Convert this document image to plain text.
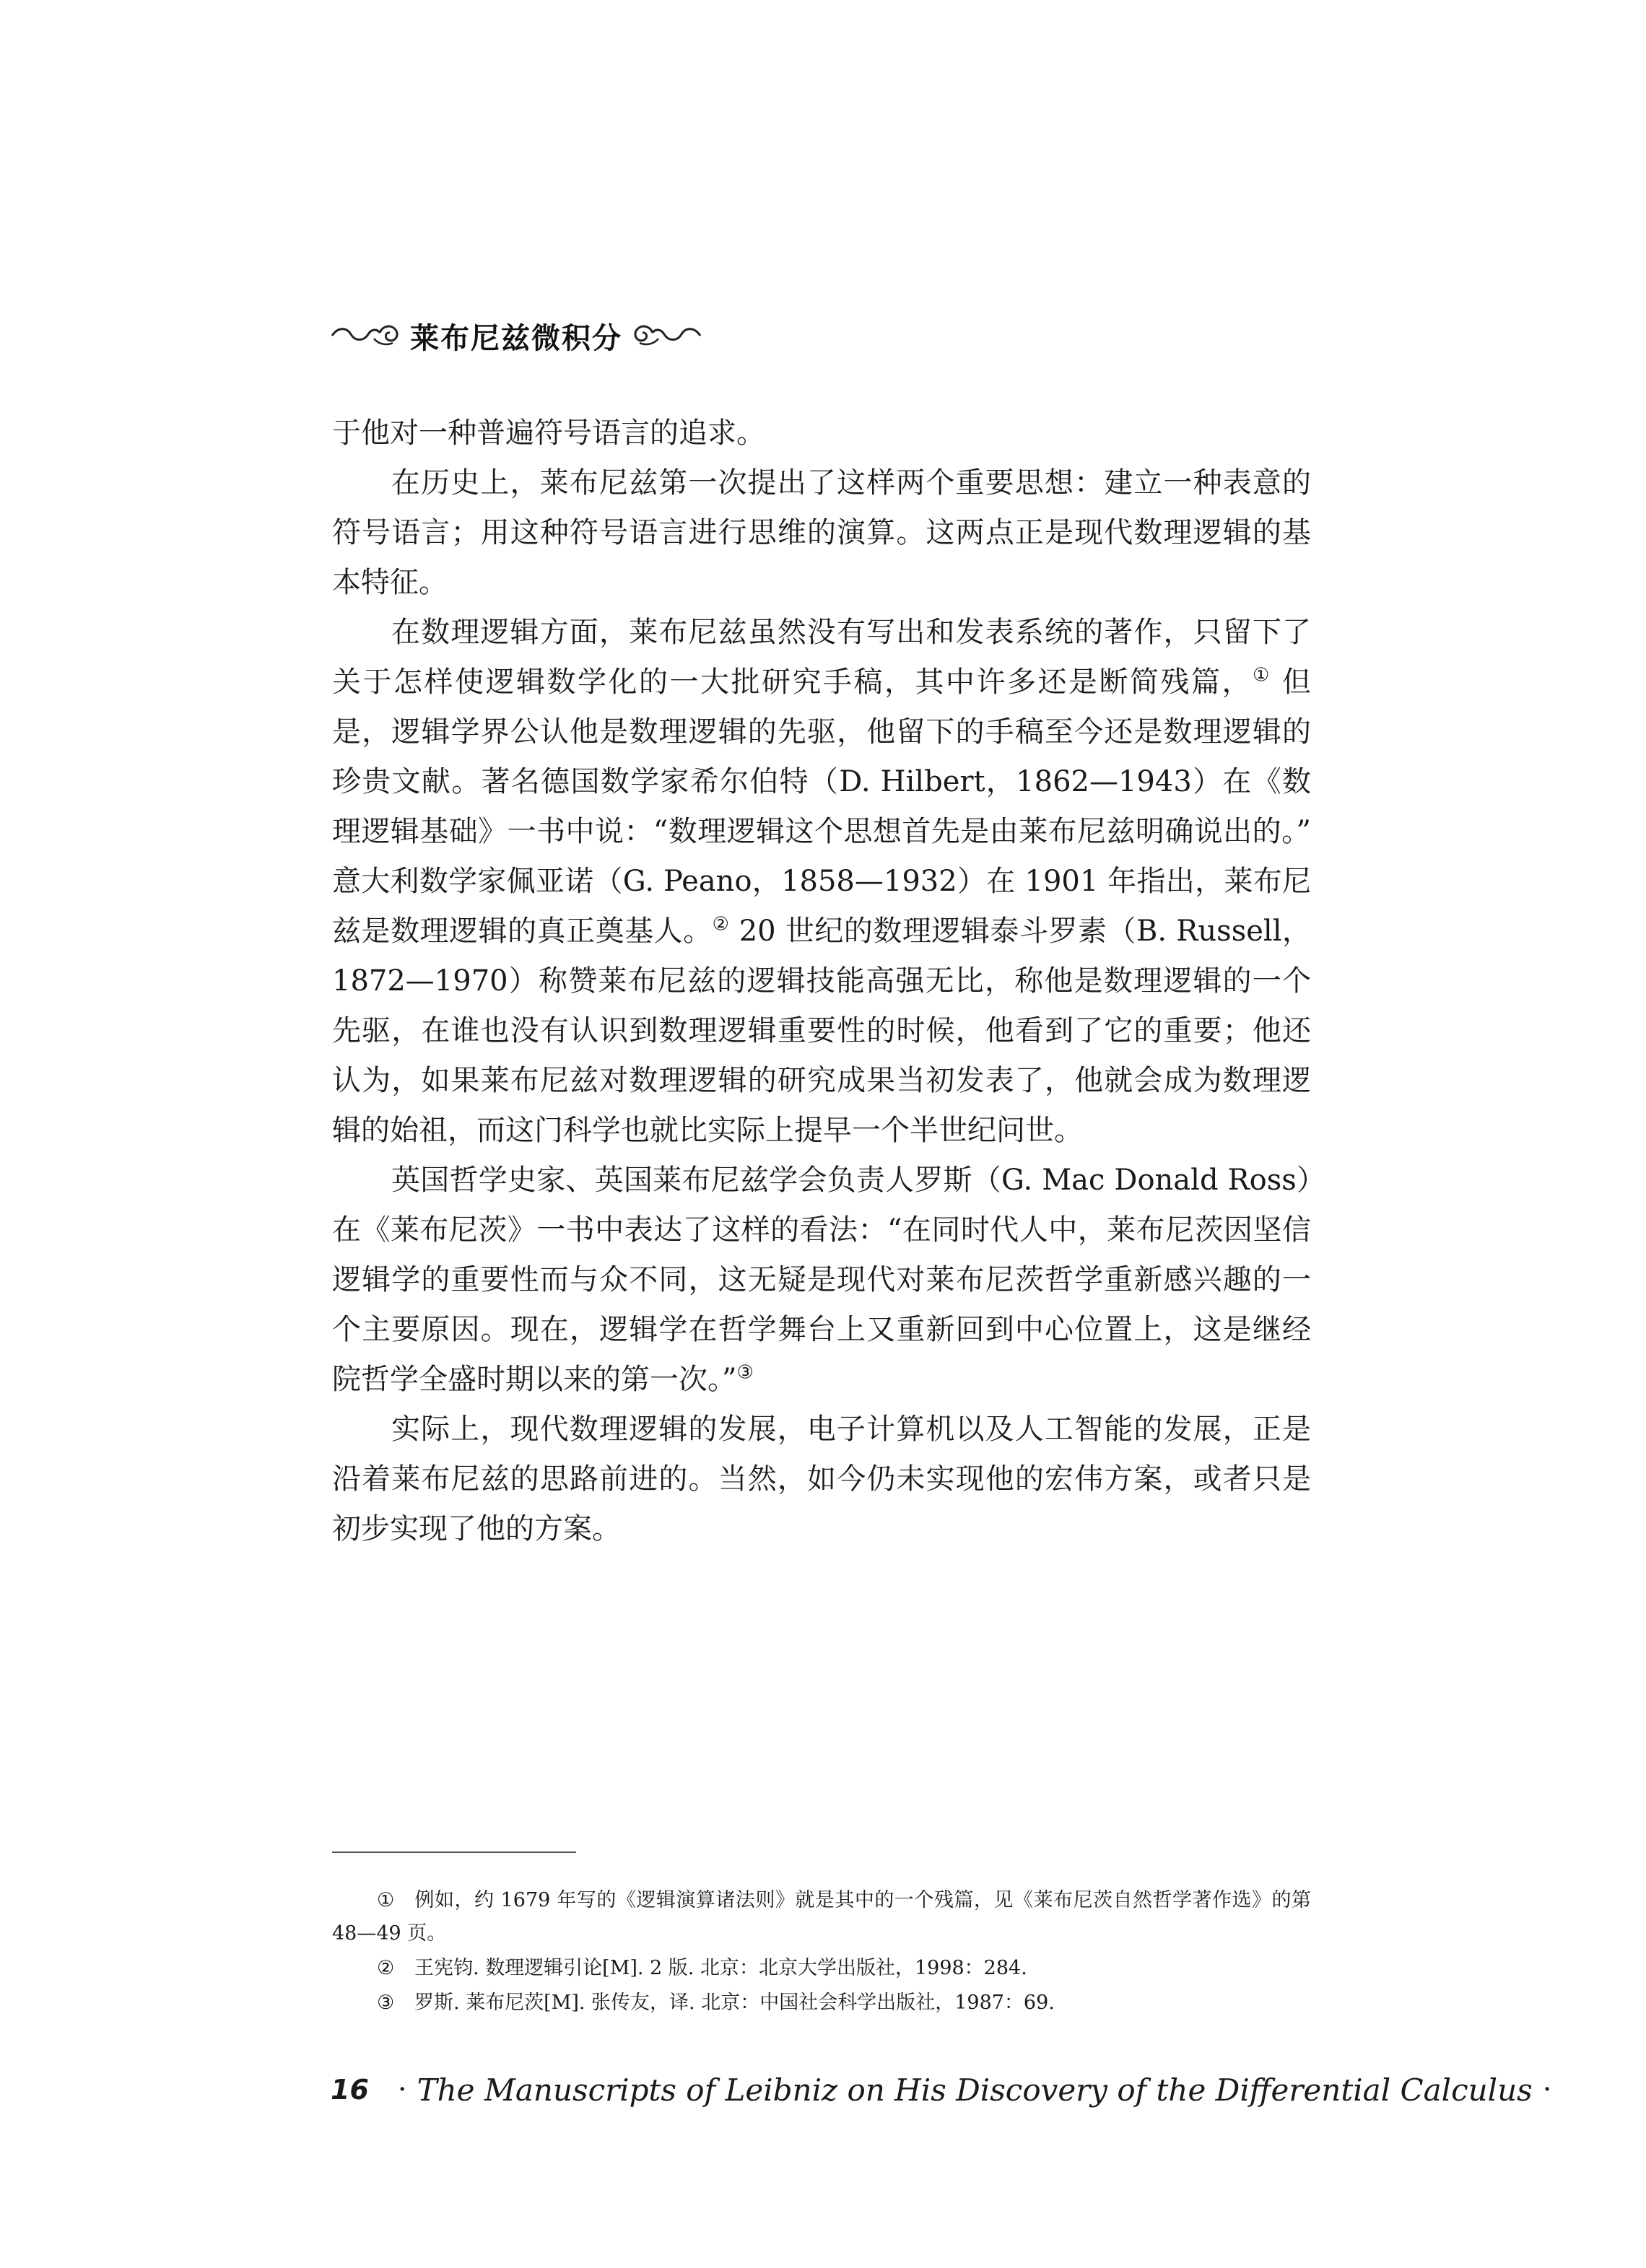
莱布尼兹微积分

于他对一种普遍符号语言的追求。

在历史上，莱布尼兹第一次提出了这样两个重要思想：建立一种表意的符号语言；用这种符号语言进行思维的演算。这两点正是现代数理逻辑的基本特征。

在数理逻辑方面，莱布尼兹虽然没有写出和发表系统的著作，只留下了关于怎样使逻辑数学化的一大批研究手稿，其中许多还是断简残篇，① 但是，逻辑学界公认他是数理逻辑的先驱，他留下的手稿至今还是数理逻辑的珍贵文献。著名德国数学家希尔伯特（D. Hilbert，1862—1943）在《数理逻辑基础》一书中说：“数理逻辑这个思想首先是由莱布尼兹明确说出的。” 意大利数学家佩亚诺（G. Peano，1858—1932）在 1901 年指出，莱布尼兹是数理逻辑的真正奠基人。② 20 世纪的数理逻辑泰斗罗素（B. Russell，1872—1970）称赞莱布尼兹的逻辑技能高强无比，称他是数理逻辑的一个先驱，在谁也没有认识到数理逻辑重要性的时候，他看到了它的重要；他还认为，如果莱布尼兹对数理逻辑的研究成果当初发表了，他就会成为数理逻辑的始祖，而这门科学也就比实际上提早一个半世纪问世。

英国哲学史家、英国莱布尼兹学会负责人罗斯（G. Mac Donald Ross）在《莱布尼茨》一书中表达了这样的看法：“在同时代人中，莱布尼茨因坚信逻辑学的重要性而与众不同，这无疑是现代对莱布尼茨哲学重新感兴趣的一个主要原因。现在，逻辑学在哲学舞台上又重新回到中心位置上，这是继经院哲学全盛时期以来的第一次。”③

实际上，现代数理逻辑的发展，电子计算机以及人工智能的发展，正是沿着莱布尼兹的思路前进的。当然，如今仍未实现他的宏伟方案，或者只是初步实现了他的方案。

① 例如，约 1679 年写的《逻辑演算诸法则》就是其中的一个残篇，见《莱布尼茨自然哲学著作选》的第 48—49 页。

② 王宪钧. 数理逻辑引论[M]. 2 版. 北京：北京大学出版社，1998：284.

③ 罗斯. 莱布尼茨[M]. 张传友，译. 北京：中国社会科学出版社，1987：69.

16 · The Manuscripts of Leibniz on His Discovery of the Differential Calculus ·
